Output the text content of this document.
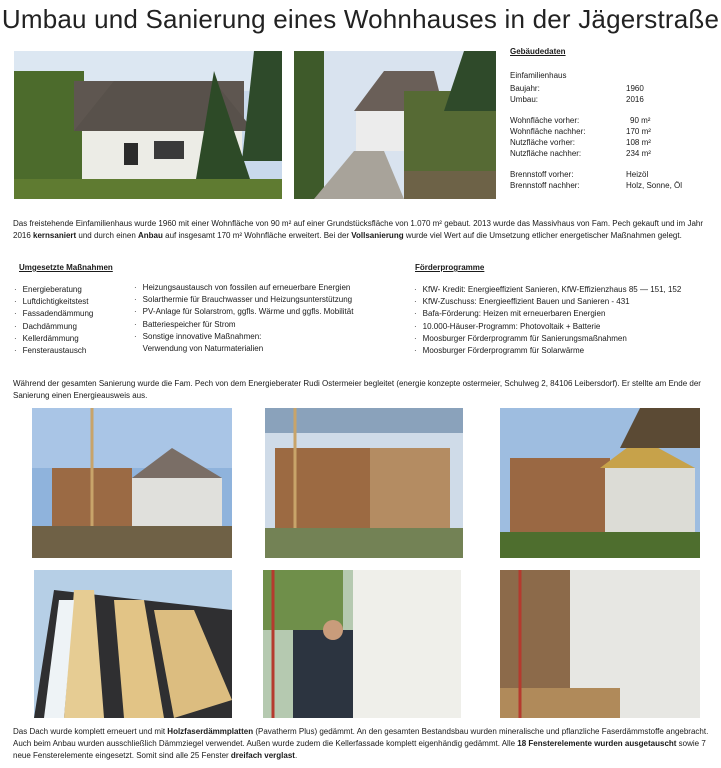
Umbau und Sanierung eines Wohnhauses in der Jägerstraße
Gebäudedaten
Einfamilienhaus
Baujahr:	1960
Umbau:	2016
Wohnfläche vorher:	90 m²
Wohnfläche nachher:	170 m²
Nutzfläche vorher:	108 m²
Nutzfläche nachher:	234 m²
Brennstoff vorher:	Heizöl
Brennstoff nachher:	Holz, Sonne, Öl
Das freistehende Einfamilienhaus wurde 1960 mit einer Wohnfläche von 90 m² auf einer Grundstücksfläche von 1.070 m² gebaut. 2013 wurde das Massivhaus von Fam. Pech gekauft und im Jahr 2016 kernsaniert und durch einen Anbau auf insgesamt 170 m² Wohnfläche erweitert. Bei der Vollsanierung wurde viel Wert auf die Umsetzung etlicher energetischer Maßnahmen gelegt.
Umgesetzte Maßnahmen
· Energieberatung
· Luftdichtigkeitstest
· Fassadendämmung
· Dachdämmung
· Kellerdämmung
· Fensteraustausch
· Heizungsaustausch von fossilen auf erneuerbare Energien
· Solarthermie für Brauchwasser und Heizungsunterstützung
· PV-Anlage für Solarstrom, ggfls. Wärme und ggfls. Mobilität
· Batteriespeicher für Strom
· Sonstige innovative Maßnahmen:
Verwendung von Naturmaterialien
Förderprogramme
· KfW- Kredit: Energieeffizient Sanieren, KfW-Effizienzhaus 85 — 151, 152
· KfW-Zuschuss: Energieeffizient Bauen und Sanieren - 431
· Bafa-Förderung: Heizen mit erneuerbaren Energien
· 10.000-Häuser-Programm: Photovoltaik + Batterie
· Moosburger Förderprogramm für Sanierungsmaßnahmen
· Moosburger Förderprogramm für Solarwärme
Während der gesamten Sanierung wurde die Fam. Pech von dem Energieberater Rudi Ostermeier begleitet (energie konzepte ostermeier, Schulweg 2, 84106 Leibersdorf). Er stellte am Ende der Sanierung einen Energieausweis aus.
Das Dach wurde komplett erneuert und mit Holzfaserdämmplatten (Pavatherm Plus) gedämmt. An den gesamten Bestandsbau wurden mineralische und pflanzliche Faserdämmstoffe angebracht. Auch beim Anbau wurden ausschließlich Dämmziegel verwendet. Außen wurde zudem die Kellerfassade komplett eigenhändig gedämmt. Alle 18 Fensterelemente wurden ausgetauscht sowie 7 neue Fensterelemente eingesetzt. Somit sind alle 25 Fenster dreifach verglast.
